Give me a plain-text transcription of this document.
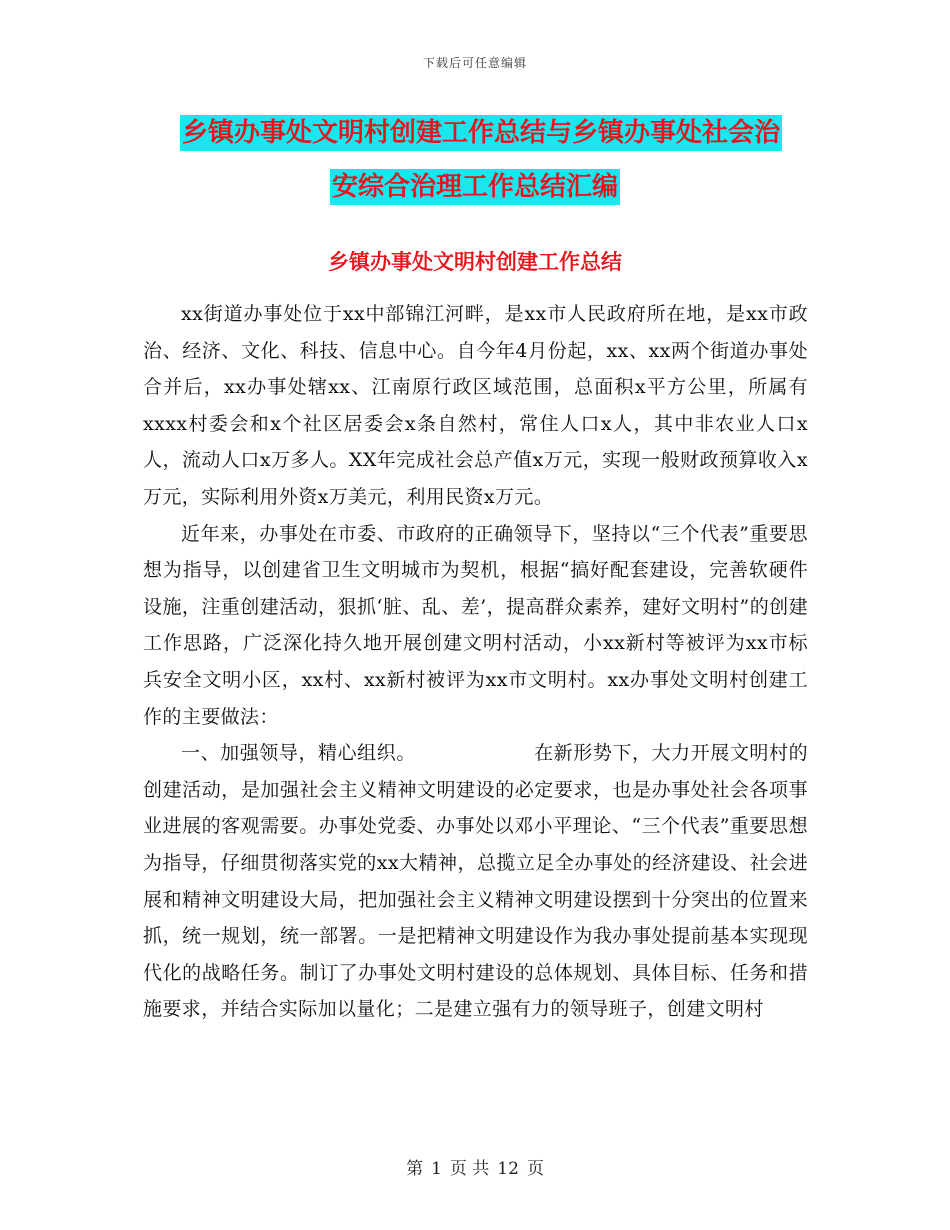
下载后可任意编辑
乡镇办事处文明村创建工作总结与乡镇办事处社会治
安综合治理工作总结汇编
乡镇办事处文明村创建工作总结

xx街道办事处位于xx中部锦江河畔，是xx市人民政府所在地，是xx市政治、经济、文化、科技、信息中心。自今年4月份起，xx、xx两个街道办事处合并后，xx办事处辖xx、江南原行政区域范围，总面积x平方公里，所属有xxxx村委会和x个社区居委会x条自然村，常住人口x人，其中非农业人口x人，流动人口x万多人。XX年完成社会总产值x万元，实现一般财政预算收入x万元，实际利用外资x万美元，利用民资x万元。

近年来，办事处在市委、市政府的正确领导下，坚持以“三个代表”重要思想为指导，以创建省卫生文明城市为契机，根据“搞好配套建设，完善软硬件设施，注重创建活动，狠抓‘脏、乱、差’，提高群众素养，建好文明村”的创建工作思路，广泛深化持久地开展创建文明村活动，小xx新村等被评为xx市标兵安全文明小区，xx村、xx新村被评为xx市文明村。xx办事处文明村创建工作的主要做法：

一、加强领导，精心组织。	在新形势下，大力开展文明村的创建活动，是加强社会主义精神文明建设的必定要求，也是办事处社会各项事业进展的客观需要。办事处党委、办事处以邓小平理论、“三个代表”重要思想为指导，仔细贯彻落实党的xx大精神，总揽立足全办事处的经济建设、社会进展和精神文明建设大局，把加强社会主义精神文明建设摆到十分突出的位置来抓，统一规划，统一部署。一是把精神文明建设作为我办事处提前基本实现现代化的战略任务。制订了办事处文明村建设的总体规划、具体目标、任务和措施要求，并结合实际加以量化；二是建立强有力的领导班子，创建文明村

第 1 页 共 12 页
